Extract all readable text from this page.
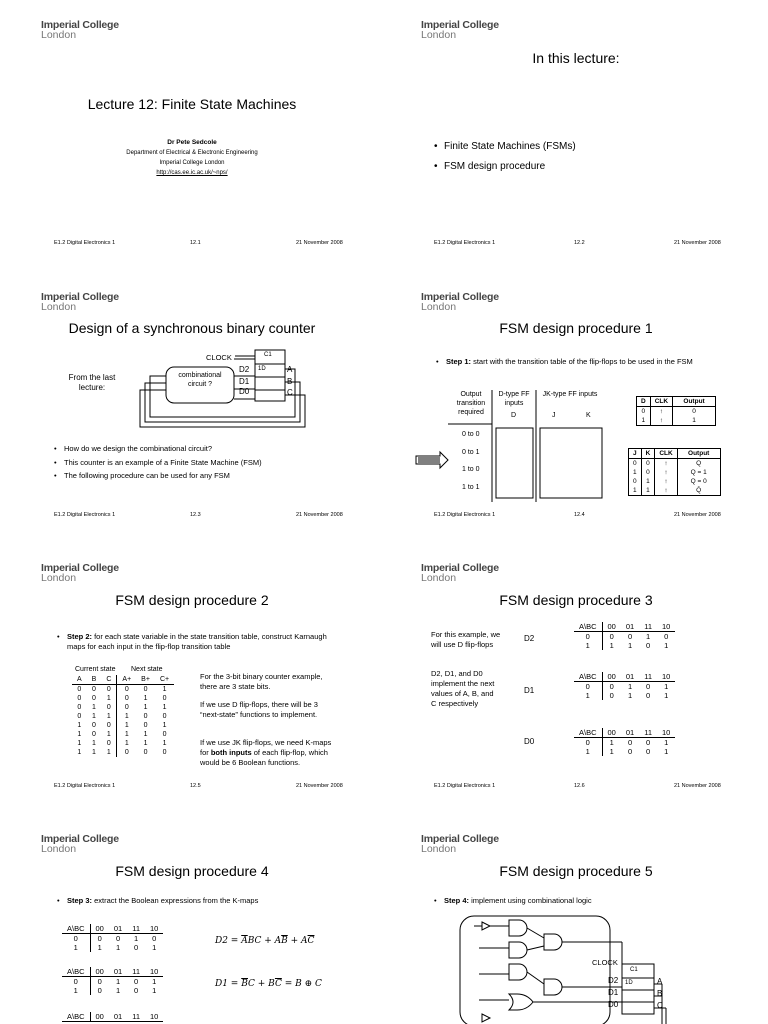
Imperial College
London
Lecture 12: Finite State Machines
Dr Pete Sedcole
Department of Electrical & Electronic Engineering
Imperial College London
http://cas.ee.ic.ac.uk/~nps/
E1.2 Digital Electronics 1	12.1	21 November 2008
Imperial College
London
In this lecture:
• Finite State Machines (FSMs)
• FSM design procedure
E1.2 Digital Electronics 1	12.2	21 November 2008
Imperial College
London
Design of a synchronous binary counter
From the last lecture:
CLOCK	C1
1D
D2
D1
D0
A
B
C
combinational circuit ?
• How do we design the combinational circuit?
• This counter is an example of a Finite State Machine (FSM)
• The following procedure can be used for any FSM
E1.2 Digital Electronics 1	12.3	21 November 2008
Imperial College
London
FSM design procedure 1
• Step 1: start with the transition table of the flip-flops to be used in the FSM
Output transition required
D-type FF inputs
JK-type FF inputs
D	J	K
0 to 0
0 to 1
1 to 0
1 to 1
D	CLK	Output
0	↑	0
1	↑	1
J	K	CLK	Output
0	0	↑	Q
1	0	↑	Q = 1
0	1	↑	Q = 0
1	1	↑	Q̄
E1.2 Digital Electronics 1	12.4	21 November 2008
Imperial College
London
FSM design procedure 2
• Step 2: for each state variable in the state transition table, construct Karnaugh maps for each input in the flip-flop transition table
Current state Next state
A	B	C	A+	B+	C+
0	0	0	0	0	1
0	0	1	0	1	0
0	1	0	0	1	1
0	1	1	1	0	0
1	0	0	1	0	1
1	0	1	1	1	0
1	1	0	1	1	1
1	1	1	0	0	0
For the 3-bit binary counter example, there are 3 state bits.
If we use D flip-flops, there will be 3 “next-state” functions to implement.
If we use JK flip-flops, we need K-maps for both inputs of each flip-flop, which would be 6 Boolean functions.
E1.2 Digital Electronics 1	12.5	21 November 2008
Imperial College
London
FSM design procedure 3
For this example, we will use D flip-flops
D2, D1, and D0 implement the next values of A, B, and C respectively
D2
D1
D0
A\BC	00	01	11	10
0	0	0	1	0
1	1	1	0	1
A\BC	00	01	11	10
0	0	1	0	1
1	0	1	0	1
A\BC	00	01	11	10
0	1	0	0	1
1	1	0	0	1
E1.2 Digital Electronics 1	12.6	21 November 2008
Imperial College
London
FSM design procedure 4
• Step 3: extract the Boolean expressions from the K-maps
A\BC	00	01	11	10
0	0	0	1	0
1	1	1	0	1
A\BC	00	01	11	10
0	0	1	0	1
1	0	1	0	1
A\BC	00	01	11	10
$D2 = \overline{A}BC + A\overline{B} + A\overline{C}$
$D1 = \overline{B}C + B\overline{C} = B$ ⊕ C
Imperial College
London
FSM design procedure 5
• Step 4: implement using combinational logic
CLOCK
C1
1D
D2
D1
D0
A
B
C
